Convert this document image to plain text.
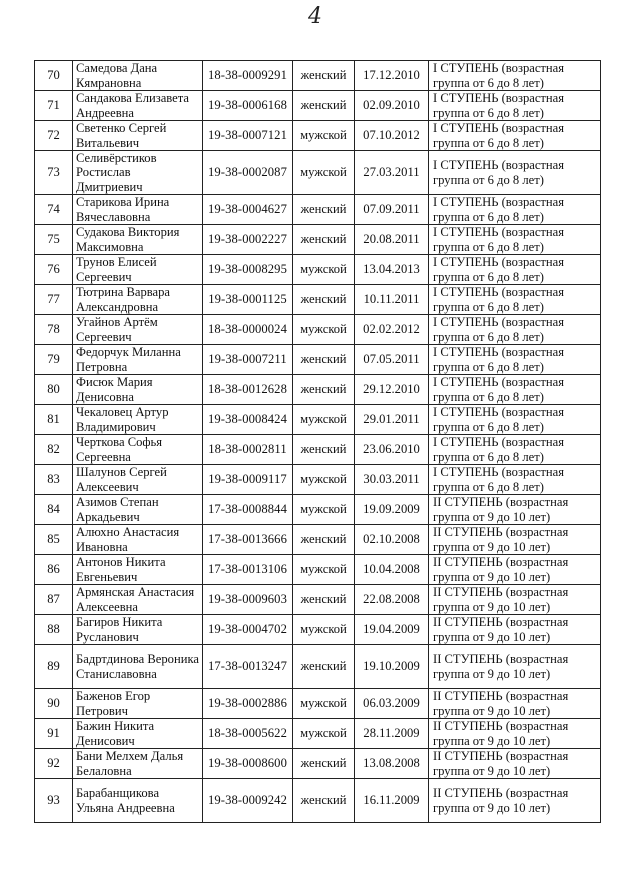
4
70	Самедова Дана Кямрановна	18-38-0009291	женский	17.12.2010	I СТУПЕНЬ (возрастная группа от 6 до 8 лет)
71	Сандакова Елизавета Андреевна	19-38-0006168	женский	02.09.2010	I СТУПЕНЬ (возрастная группа от 6 до 8 лет)
72	Светенко Сергей Витальевич	19-38-0007121	мужской	07.10.2012	I СТУПЕНЬ (возрастная группа от 6 до 8 лет)
73	Селивёрстиков Ростислав Дмитриевич	19-38-0002087	мужской	27.03.2011	I СТУПЕНЬ (возрастная группа от 6 до 8 лет)
74	Старикова Ирина Вячеславовна	19-38-0004627	женский	07.09.2011	I СТУПЕНЬ (возрастная группа от 6 до 8 лет)
75	Судакова Виктория Максимовна	19-38-0002227	женский	20.08.2011	I СТУПЕНЬ (возрастная группа от 6 до 8 лет)
76	Трунов Елисей Сергеевич	19-38-0008295	мужской	13.04.2013	I СТУПЕНЬ (возрастная группа от 6 до 8 лет)
77	Тютрина Варвара Александровна	19-38-0001125	женский	10.11.2011	I СТУПЕНЬ (возрастная группа от 6 до 8 лет)
78	Угайнов Артём Сергеевич	18-38-0000024	мужской	02.02.2012	I СТУПЕНЬ (возрастная группа от 6 до 8 лет)
79	Федорчук Миланна Петровна	19-38-0007211	женский	07.05.2011	I СТУПЕНЬ (возрастная группа от 6 до 8 лет)
80	Фисюк Мария Денисовна	18-38-0012628	женский	29.12.2010	I СТУПЕНЬ (возрастная группа от 6 до 8 лет)
81	Чекаловец Артур Владимирович	19-38-0008424	мужской	29.01.2011	I СТУПЕНЬ (возрастная группа от 6 до 8 лет)
82	Черткова Софья Сергеевна	18-38-0002811	женский	23.06.2010	I СТУПЕНЬ (возрастная группа от 6 до 8 лет)
83	Шалунов Сергей Алексеевич	19-38-0009117	мужской	30.03.2011	I СТУПЕНЬ (возрастная группа от 6 до 8 лет)
84	Азимов Степан Аркадьевич	17-38-0008844	мужской	19.09.2009	II СТУПЕНЬ (возрастная группа от 9 до 10 лет)
85	Алюхно Анастасия Ивановна	17-38-0013666	женский	02.10.2008	II СТУПЕНЬ (возрастная группа от 9 до 10 лет)
86	Антонов Никита Евгеньевич	17-38-0013106	мужской	10.04.2008	II СТУПЕНЬ (возрастная группа от 9 до 10 лет)
87	Армянская Анастасия Алексеевна	19-38-0009603	женский	22.08.2008	II СТУПЕНЬ (возрастная группа от 9 до 10 лет)
88	Багиров Никита Русланович	19-38-0004702	мужской	19.04.2009	II СТУПЕНЬ (возрастная группа от 9 до 10 лет)
89	Бадртдинова Вероника Станиславовна	17-38-0013247	женский	19.10.2009	II СТУПЕНЬ (возрастная группа от 9 до 10 лет)
90	Баженов Егор Петрович	19-38-0002886	мужской	06.03.2009	II СТУПЕНЬ (возрастная группа от 9 до 10 лет)
91	Бажин Никита Денисович	18-38-0005622	мужской	28.11.2009	II СТУПЕНЬ (возрастная группа от 9 до 10 лет)
92	Бани Мелхем Далья Белаловна	19-38-0008600	женский	13.08.2008	II СТУПЕНЬ (возрастная группа от 9 до 10 лет)
93	Барабанщикова Ульяна Андреевна	19-38-0009242	женский	16.11.2009	II СТУПЕНЬ (возрастная группа от 9 до 10 лет)
